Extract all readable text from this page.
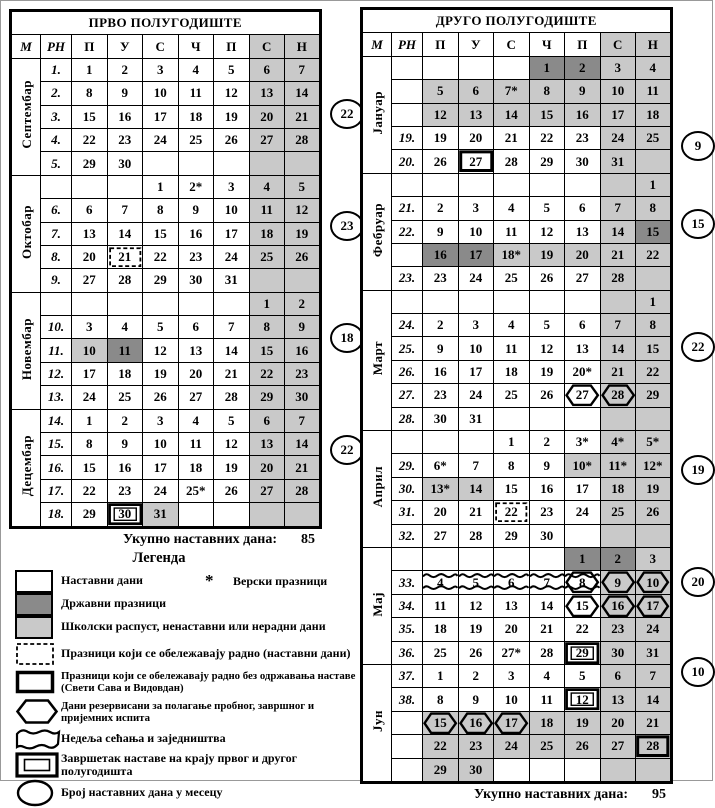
ПРВО ПОЛУГОДИШТЕ								
М	РН	П	У	С	Ч	П	С	Н
Септембар	1.	1	2	3	4	5	6	7
	2.	8	9	10	11	12	13	14
	3.	15	16	17	18	19	20	21
	4.	22	23	24	25	26	27	28
	5.	29	30					
Октобар				1	2*	3	4	5
	6.	6	7	8	9	10	11	12
	7.	13	14	15	16	17	18	19
	8.	20	21	22	23	24	25	26
	9.	27	28	29	30	31		
Новембар							1	2
	10.	3	4	5	6	7	8	9
	11.	10	11	12	13	14	15	16
	12.	17	18	19	20	21	22	23
	13.	24	25	26	27	28	29	30
Децембар	14.	1	2	3	4	5	6	7
	15.	8	9	10	11	12	13	14
	16.	15	16	17	18	19	20	21
	17.	22	23	24	25*	26	27	28
	18.	29	30	31				
22
23
18
22
Укупно наставних дана: 85
Легенда
Наставни дани	* Верски празници
Државни празници
Школски распуст, ненаставни или нерадни дани
Празници који се обележавају радно (наставни дани)
Празници који се обележавају радно без одржавања наставе (Свети Сава и Видовдан)
Дани резервисани за полагање пробног, завршног и пријемних испита
Недеља сећања и заједништва
Завршетак наставе на крају првог и другог полугодишта
Број наставних дана у месецу
ДРУГО ПОЛУГОДИШТЕ								
М	РН	П	У	С	Ч	П	С	Н
Јануар					1	2	3	4
		5	6	7*	8	9	10	11
		12	13	14	15	16	17	18
	19.	19	20	21	22	23	24	25
	20.	26	27	28	29	30	31	
Фебруар								1
	21.	2	3	4	5	6	7	8
	22.	9	10	11	12	13	14	15
		16	17	18*	19	20	21	22
	23.	23	24	25	26	27	28	
Март								1
	24.	2	3	4	5	6	7	8
	25.	9	10	11	12	13	14	15
	26.	16	17	18	19	20*	21	22
	27.	23	24	25	26	27	28	29
	28.	30	31					
Април				1	2	3*	4*	5*
	29.	6*	7	8	9	10*	11*	12*
	30.	13*	14	15	16	17	18	19
	31.	20	21	22	23	24	25	26
	32.	27	28	29	30			
Мај						1	2	3
	33.	4	5	6	7	8	9	10

	34.	11	12	13	14	15	16	17

	35.	18	19	20	21	22	23	24
	36.	25	26	27*	28	29	30	31
Јун	37.	1	2	3	4	5	6	7
	38.	8	9	10	11	12	13	14
		15	16	17	18	19	20	21
		22	23	24	25	26	27	28

		29	30					
9
15
22
19
20
10
Укупно наставних дана: 95
